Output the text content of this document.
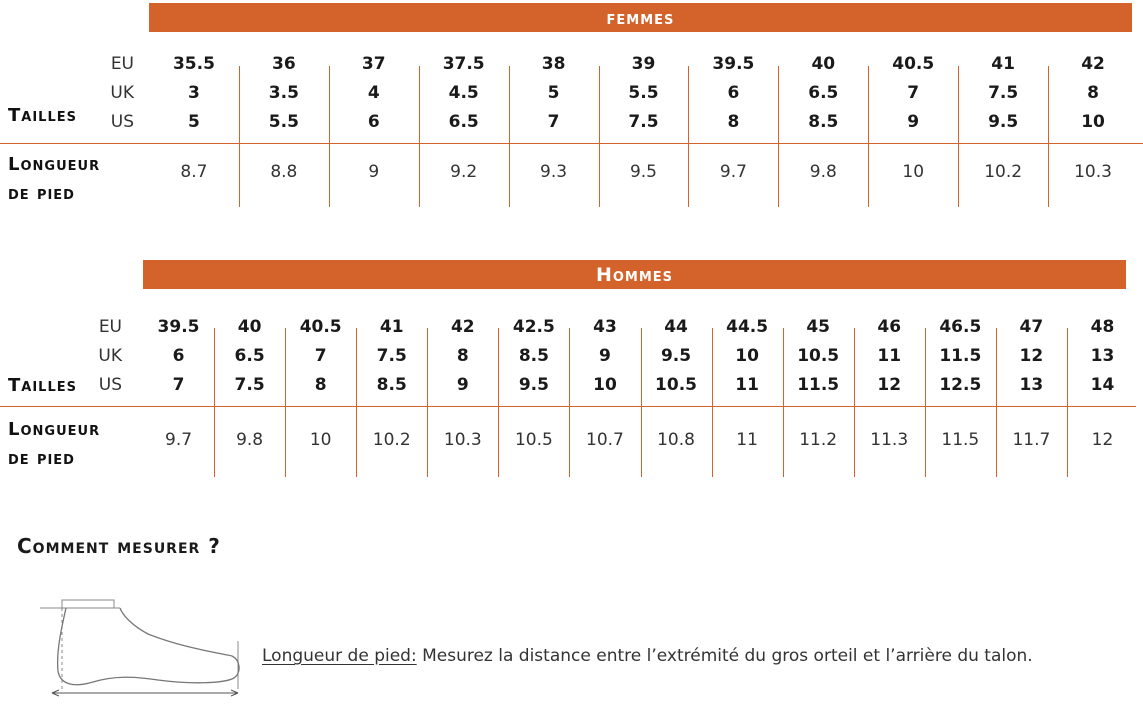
femmes
EU
UK
US
Tailles
Longueur
de pied
35.5
3
5
8.7
36
3.5
5.5
8.8
37
4
6
9
37.5
4.5
6.5
9.2
38
5
7
9.3
39
5.5
7.5
9.5
39.5
6
8
9.7
40
6.5
8.5
9.8
40.5
7
9
10
41
7.5
9.5
10.2
42
8
10
10.3
Hommes
EU
UK
US
Tailles
Longueur
de pied
39.5
6
7
9.7
40
6.5
7.5
9.8
40.5
7
8
10
41
7.5
8.5
10.2
42
8
9
10.3
42.5
8.5
9.5
10.5
43
9
10
10.7
44
9.5
10.5
10.8
44.5
10
11
11
45
10.5
11.5
11.2
46
11
12
11.3
46.5
11.5
12.5
11.5
47
12
13
11.7
48
13
14
12
Comment mesurer ?
Longueur de pied: Mesurez la distance entre l’extrémité du gros orteil et l’arrière du talon.
